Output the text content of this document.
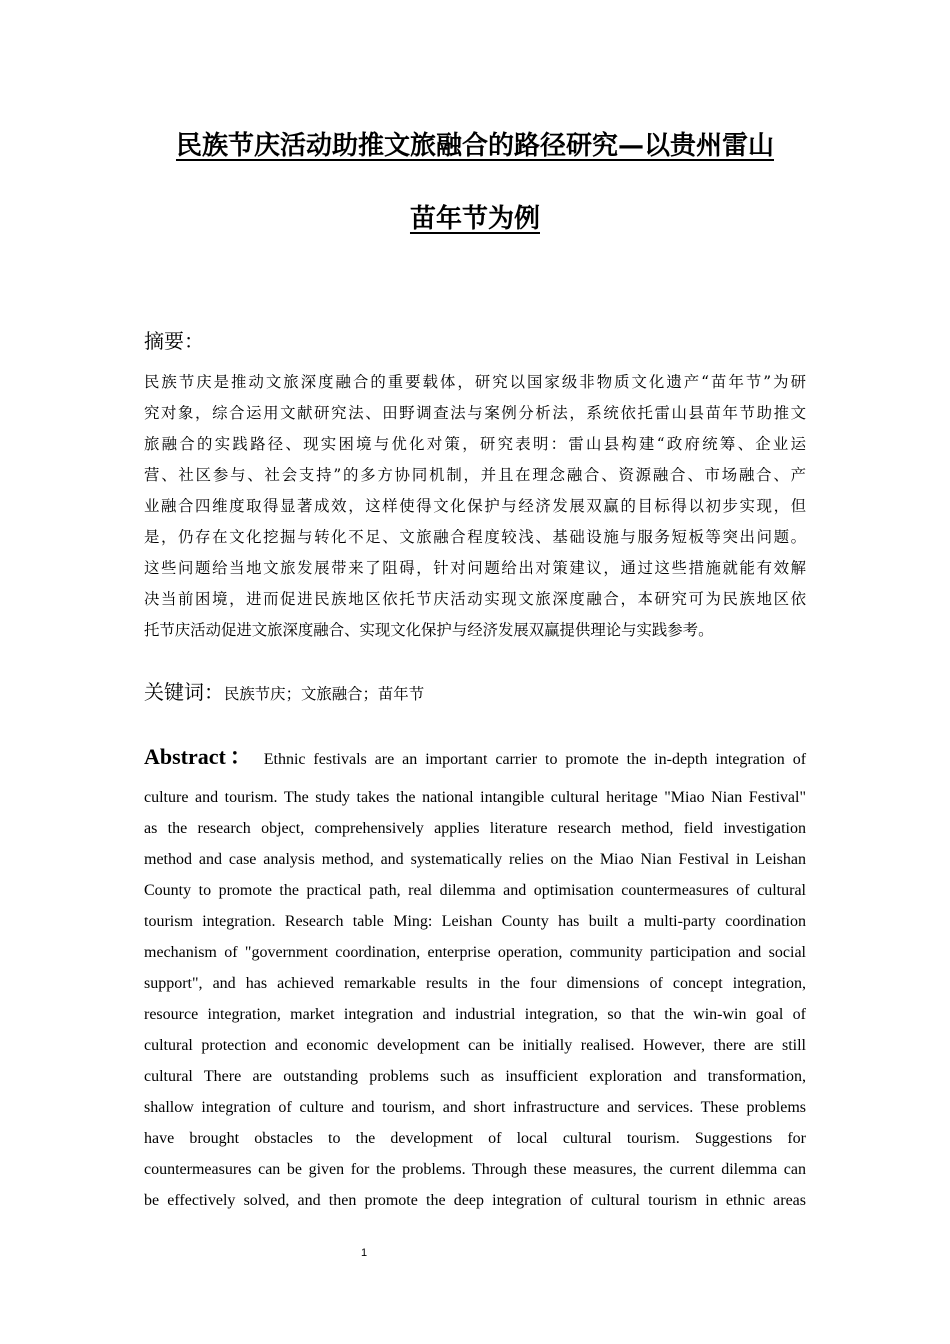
民族节庆活动助推文旅融合的路径研究—以贵州雷山
苗年节为例
摘要：
民族节庆是推动文旅深度融合的重要载体，研究以国家级非物质文化遗产“苗年节”为研
究对象，综合运用文献研究法、田野调查法与案例分析法，系统依托雷山县苗年节助推文
旅融合的实践路径、现实困境与优化对策，研究表明：雷山县构建“政府统筹、企业运
营、社区参与、社会支持”的多方协同机制，并且在理念融合、资源融合、市场融合、产
业融合四维度取得显著成效，这样使得文化保护与经济发展双赢的目标得以初步实现，但
是，仍存在文化挖掘与转化不足、文旅融合程度较浅、基础设施与服务短板等突出问题。
这些问题给当地文旅发展带来了阻碍，针对问题给出对策建议，通过这些措施就能有效解
决当前困境，进而促进民族地区依托节庆活动实现文旅深度融合，本研究可为民族地区依
托节庆活动促进文旅深度融合、实现文化保护与经济发展双赢提供理论与实践参考。
关键词：民族节庆；文旅融合；苗年节
Abstract： Ethnic festivals are an important carrier to promote the in-depth integration of
culture and tourism. The study takes the national intangible cultural heritage "Miao Nian Festival"
as the research object, comprehensively applies literature research method, field investigation
method and case analysis method, and systematically relies on the Miao Nian Festival in Leishan
County to promote the practical path, real dilemma and optimisation countermeasures of cultural
tourism integration. Research table Ming: Leishan County has built a multi-party coordination
mechanism of "government coordination, enterprise operation, community participation and social
support", and has achieved remarkable results in the four dimensions of concept integration,
resource integration, market integration and industrial integration, so that the win-win goal of
cultural protection and economic development can be initially realised. However, there are still
cultural There are outstanding problems such as insufficient exploration and transformation,
shallow integration of culture and tourism, and short infrastructure and services. These problems
have brought obstacles to the development of local cultural tourism. Suggestions for
countermeasures can be given for the problems. Through these measures, the current dilemma can
be effectively solved, and then promote the deep integration of cultural tourism in ethnic areas
1
